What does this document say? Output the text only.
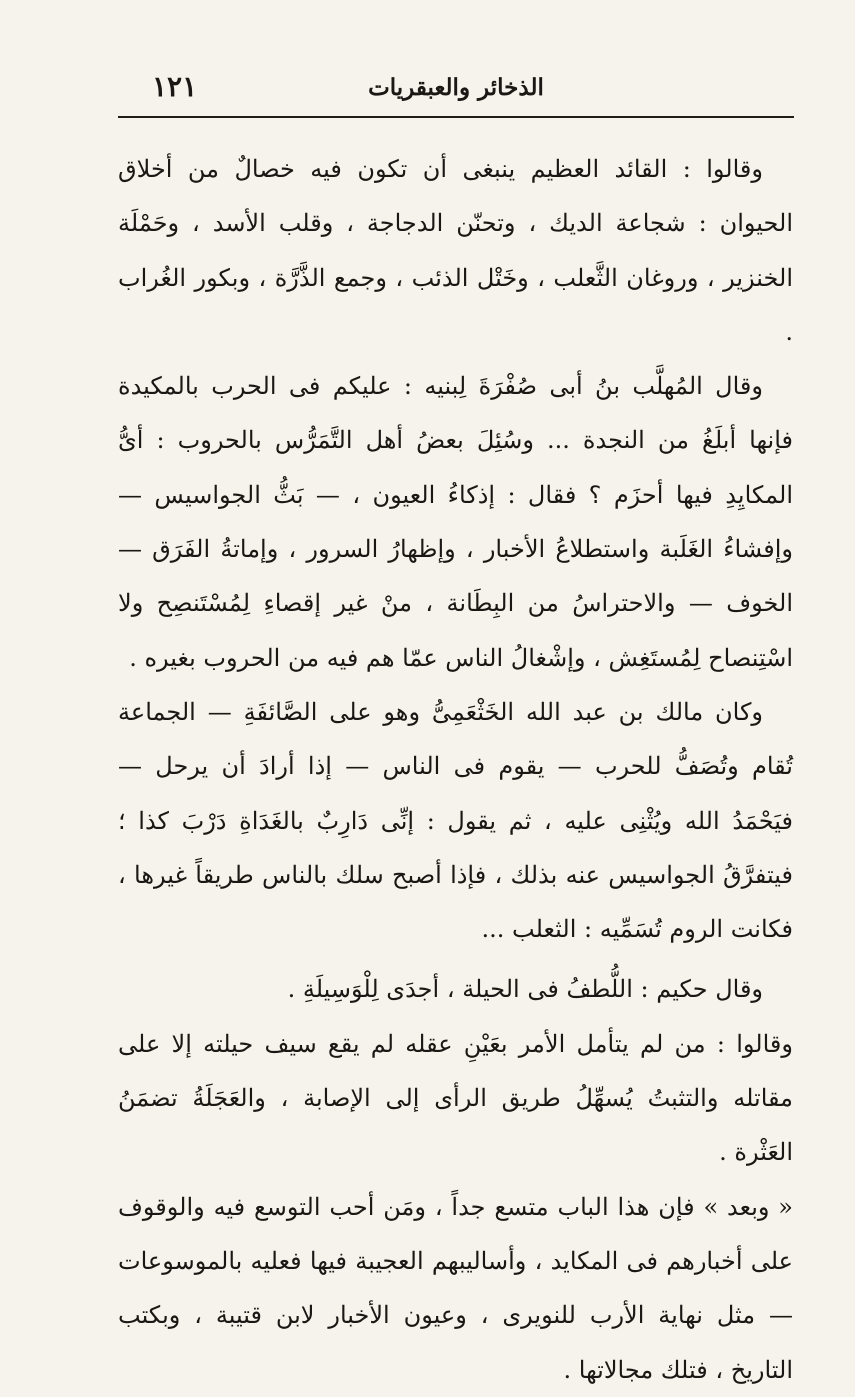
الذخائر والعبقريات
١٢١

وقالوا : القائد العظيم ينبغى أن تكون فيه خصالٌ من أخلاق الحيوان : شجاعة الديك ، وتحنّن الدجاجة ، وقلب الأسد ، وحَمْلَة الخنزير ، وروغان الثَّعلب ، وخَتْل الذئب ، وجمع الذَّرَّة ، وبكور الغُراب .

وقال المُهلَّب بنُ أبى صُفْرَةَ لِبنيه : عليكم فى الحرب بالمكيدة فإنها أبلَغُ من النجدة ... وسُئِلَ بعضُ أهل التَّمَرُّس بالحروب : أىُّ المكايِدِ فيها أحزَم ؟ فقال : إذكاءُ العيون ، — بَثُّ الجواسيس — وإفشاءُ الغَلَبة واستطلاعُ الأخبار ، وإظهارُ السرور ، وإماتةُ الفَرَق — الخوف — والاحتراسُ من البِطَانة ، منْ غير إقصاءِ لِمُسْتَنصِح ولا اسْتِنصاح لِمُستَغِش ، وإشْغالُ الناس عمّا هم فيه من الحروب بغيره .

وكان مالك بن عبد الله الخَثْعَمِىُّ وهو على الصَّائفَةِ — الجماعة تُقام وتُصَفُّ للحرب — يقوم فى الناس — إذا أرادَ أن يرحل — فيَحْمَدُ الله ويُثْنِى عليه ، ثم يقول : إنِّى دَارِبٌ بالغَدَاةِ دَرْبَ كذا ؛ فيتفرَّقُ الجواسيس عنه بذلك ، فإذا أصبح سلك بالناس طريقاً غيرها ، فكانت الروم تُسَمِّيه : الثعلب ...

وقال حكيم : اللُّطفُ فى الحيلة ، أجدَى لِلْوَسِيلَةِ .

وقالوا : من لم يتأمل الأمر بعَيْنِ عقله لم يقع سيف حيلته إلا على مقاتله والتثبتُ يُسهِّلُ طريق الرأى إلى الإصابة ، والعَجَلَةُ تضمَنُ العَثْرة .

« وبعد » فإن هذا الباب متسع جداً ، ومَن أحب التوسع فيه والوقوف على أخبارهم فى المكايد ، وأساليبهم العجيبة فيها فعليه بالموسوعات — مثل نهاية الأرب للنويرى ، وعيون الأخبار لابن قتيبة ، وبكتب التاريخ ، فتلك مجالاتها .
